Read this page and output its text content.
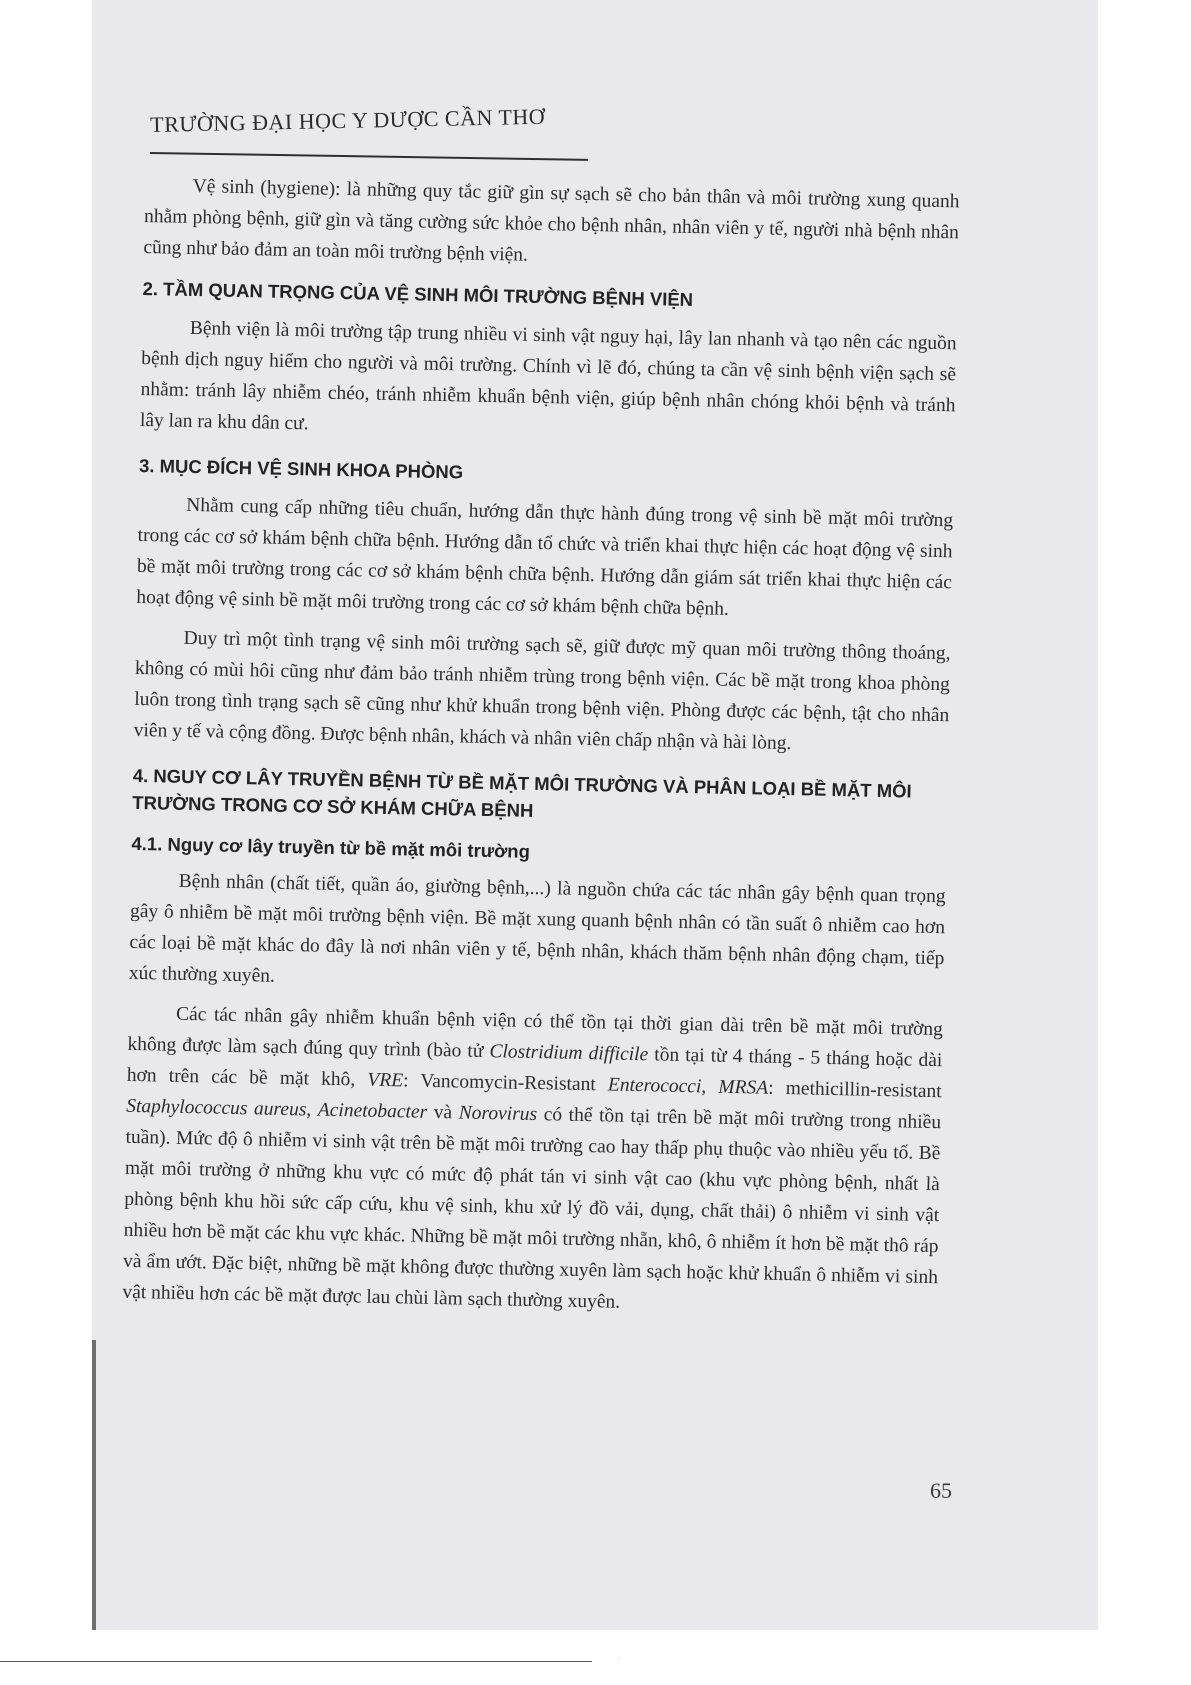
TRƯỜNG ĐẠI HỌC Y DƯỢC CẦN THƠ

Vệ sinh (hygiene): là những quy tắc giữ gìn sự sạch sẽ cho bản thân và môi trường xung quanh nhằm phòng bệnh, giữ gìn và tăng cường sức khỏe cho bệnh nhân, nhân viên y tế, người nhà bệnh nhân cũng như bảo đảm an toàn môi trường bệnh viện.

2. TẦM QUAN TRỌNG CỦA VỆ SINH MÔI TRƯỜNG BỆNH VIỆN

Bệnh viện là môi trường tập trung nhiều vi sinh vật nguy hại, lây lan nhanh và tạo nên các nguồn bệnh dịch nguy hiểm cho người và môi trường. Chính vì lẽ đó, chúng ta cần vệ sinh bệnh viện sạch sẽ nhằm: tránh lây nhiễm chéo, tránh nhiễm khuẩn bệnh viện, giúp bệnh nhân chóng khỏi bệnh và tránh lây lan ra khu dân cư.

3. MỤC ĐÍCH VỆ SINH KHOA PHÒNG

Nhằm cung cấp những tiêu chuẩn, hướng dẫn thực hành đúng trong vệ sinh bề mặt môi trường trong các cơ sở khám bệnh chữa bệnh. Hướng dẫn tổ chức và triển khai thực hiện các hoạt động vệ sinh bề mặt môi trường trong các cơ sở khám bệnh chữa bệnh. Hướng dẫn giám sát triển khai thực hiện các hoạt động vệ sinh bề mặt môi trường trong các cơ sở khám bệnh chữa bệnh.

Duy trì một tình trạng vệ sinh môi trường sạch sẽ, giữ được mỹ quan môi trường thông thoáng, không có mùi hôi cũng như đảm bảo tránh nhiễm trùng trong bệnh viện. Các bề mặt trong khoa phòng luôn trong tình trạng sạch sẽ cũng như khử khuẩn trong bệnh viện. Phòng được các bệnh, tật cho nhân viên y tế và cộng đồng. Được bệnh nhân, khách và nhân viên chấp nhận và hài lòng.

4. NGUY CƠ LÂY TRUYỀN BỆNH TỪ BỀ MẶT MÔI TRƯỜNG VÀ PHÂN LOẠI BỀ MẶT MÔI TRƯỜNG TRONG CƠ SỞ KHÁM CHỮA BỆNH
4.1. Nguy cơ lây truyền từ bề mặt môi trường

Bệnh nhân (chất tiết, quần áo, giường bệnh,...) là nguồn chứa các tác nhân gây bệnh quan trọng gây ô nhiễm bề mặt môi trường bệnh viện. Bề mặt xung quanh bệnh nhân có tần suất ô nhiễm cao hơn các loại bề mặt khác do đây là nơi nhân viên y tế, bệnh nhân, khách thăm bệnh nhân động chạm, tiếp xúc thường xuyên.

Các tác nhân gây nhiễm khuẩn bệnh viện có thể tồn tại thời gian dài trên bề mặt môi trường không được làm sạch đúng quy trình (bào tử Clostridium difficile tồn tại từ 4 tháng - 5 tháng hoặc dài hơn trên các bề mặt khô, VRE: Vancomycin-Resistant Enterococci, MRSA: methicillin-resistant Staphylococcus aureus, Acinetobacter và Norovirus có thể tồn tại trên bề mặt môi trường trong nhiều tuần). Mức độ ô nhiễm vi sinh vật trên bề mặt môi trường cao hay thấp phụ thuộc vào nhiều yếu tố. Bề mặt môi trường ở những khu vực có mức độ phát tán vi sinh vật cao (khu vực phòng bệnh, nhất là phòng bệnh khu hồi sức cấp cứu, khu vệ sinh, khu xử lý đồ vải, dụng, chất thải) ô nhiễm vi sinh vật nhiều hơn bề mặt các khu vực khác. Những bề mặt môi trường nhẵn, khô, ô nhiễm ít hơn bề mặt thô ráp và ẩm ướt. Đặc biệt, những bề mặt không được thường xuyên làm sạch hoặc khử khuẩn ô nhiễm vi sinh vật nhiều hơn các bề mặt được lau chùi làm sạch thường xuyên.

65
·
